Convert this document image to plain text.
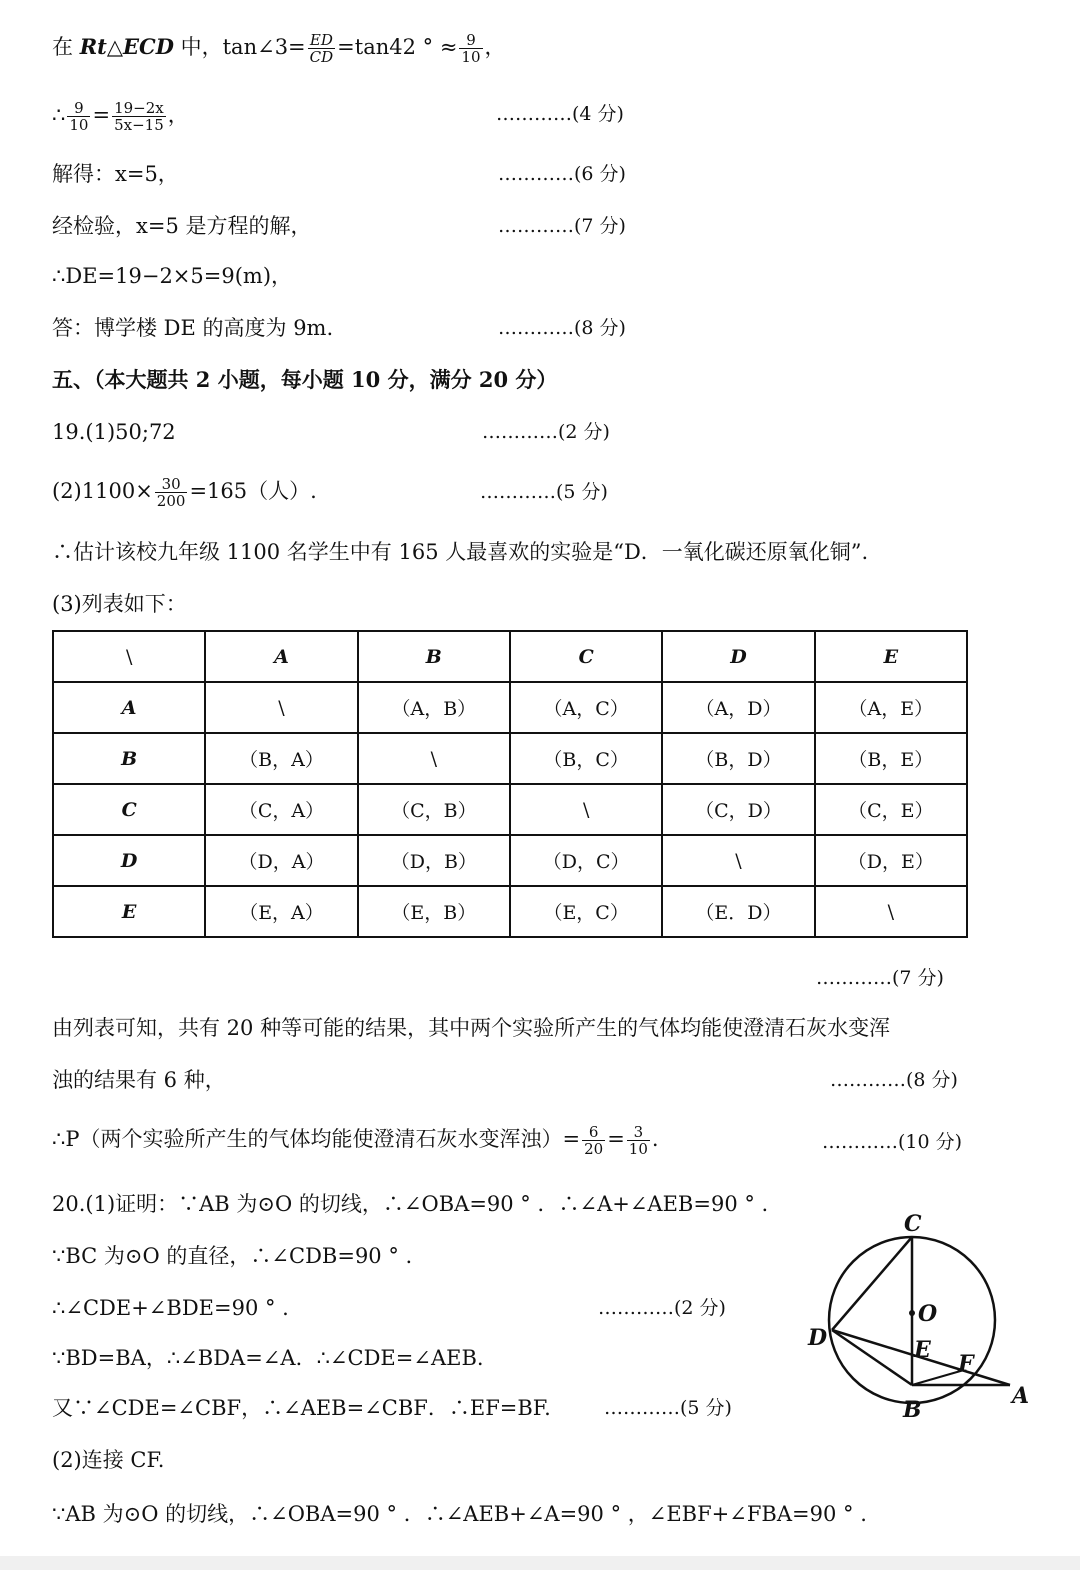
在 Rt△ECD 中，tan∠3= $\frac{ED}{CD} =\tan 42$ ° ≈ $\frac{9}{10}$ ，
∴ $\frac{9}{10} = \frac{19-2x}{5x-15}$ ，	…………(4 分)
解得：x=5，	…………(6 分)
经检验，x=5 是方程的解，	…………(7 分)
∴DE=19−2×5=9(m)，
答：博学楼 DE 的高度为 9m.	…………(8 分)
五、（本大题共 2 小题，每小题 10 分，满分 20 分）
19.(1)50;72	…………(2 分)
$(2)1100\times \frac{30}{200} =165$（人）.	…………(5 分)
∴估计该校九年级 1100 名学生中有 165 人最喜欢的实验是“D．一氧化碳还原氧化铜”.
(3)列表如下：
\	A	B	C	D	E
A	\	（A，B）	（A，C）	（A，D）	（A，E）
B	（B，A）	\	（B，C）	（B，D）	（B，E）
C	（C，A）	（C，B）	\	（C，D）	（C，E）
D	（D，A）	（D，B）	（D，C）	\	（D，E）
E	（E，A）	（E，B）	（E，C）	（E．D）	\
…………(7 分)
由列表可知，共有 20 种等可能的结果，其中两个实验所产生的气体均能使澄清石灰水变浑
浊的结果有 6 种，	…………(8 分)
∴P（两个实验所产生的气体均能使澄清石灰水变浑浊）= $\frac{6}{20} = \frac{3}{10}$ .	…………(10 分)
20.(1)证明：∵AB 为⊙O 的切线，∴∠OBA=90 ° ．∴∠A+∠AEB=90 ° .
∵BC 为⊙O 的直径，∴∠CDB=90 ° .
∴∠CDE+∠BDE=90 ° .	…………(2 分)
∵BD=BA，∴∠BDA=∠A．∴∠CDE=∠AEB.
又∵∠CDE=∠CBF，∴∠AEB=∠CBF．∴EF=BF.	…………(5 分)
(2)连接 CF.
∵AB 为⊙O 的切线，∴∠OBA=90 ° ．∴∠AEB+∠A=90 ° ，∠EBF+∠FBA=90 ° .
C
O
D	E
F
A
B
